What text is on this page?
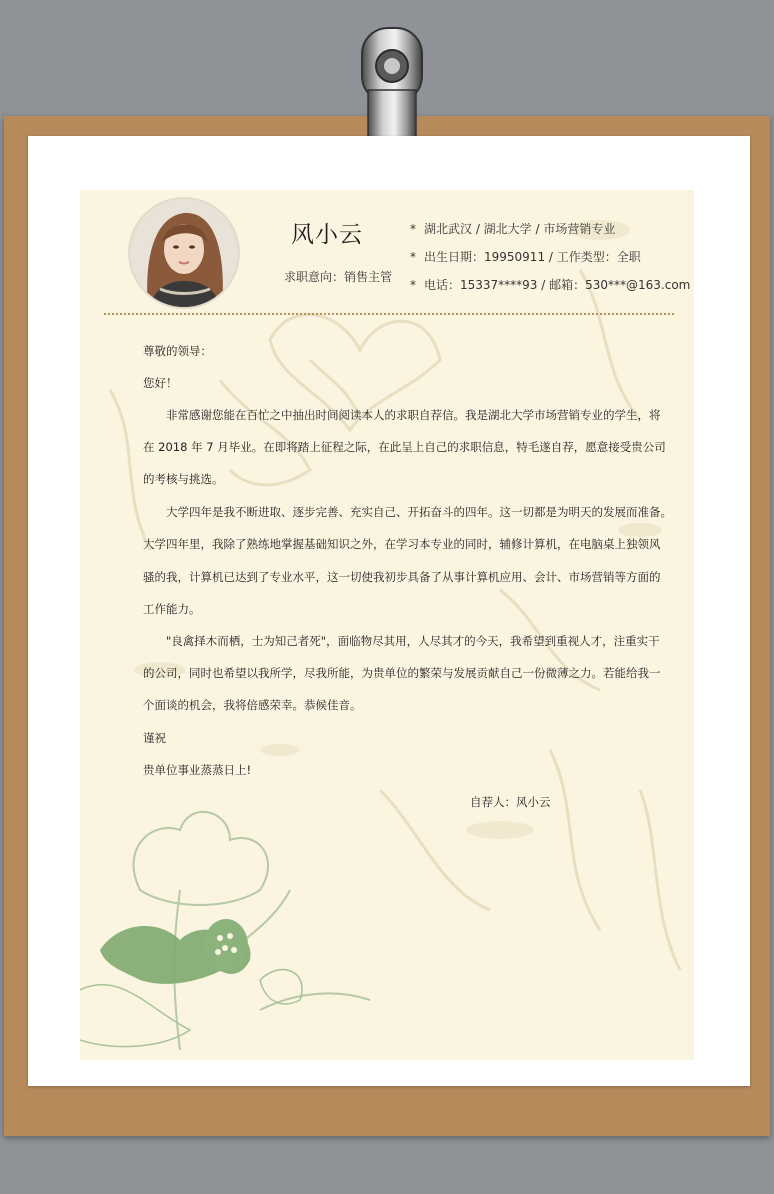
风小云
求职意向：销售主管
* 湖北武汉 / 湖北大学 / 市场营销专业
* 出生日期：19950911 / 工作类型：全职
* 电话：15337****93 / 邮箱：530***@163.com
尊敬的领导：
您好！
　　非常感谢您能在百忙之中抽出时间阅读本人的求职自荐信。我是湖北大学市场营销专业的学生，将
在 2018 年 7 月毕业。在即将踏上征程之际，在此呈上自己的求职信息，特毛遂自荐，愿意接受贵公司
的考核与挑选。
　　大学四年是我不断进取、逐步完善、充实自己、开拓奋斗的四年。这一切都是为明天的发展而准备。
大学四年里，我除了熟练地掌握基础知识之外，在学习本专业的同时，辅修计算机，在电脑桌上独领风
骚的我，计算机已达到了专业水平，这一切使我初步具备了从事计算机应用、会计、市场营销等方面的
工作能力。
　　"良禽择木而栖，士为知己者死"，面临物尽其用，人尽其才的今天，我希望到重视人才，注重实干
的公司，同时也希望以我所学，尽我所能，为贵单位的繁荣与发展贡献自己一份微薄之力。若能给我一
个面谈的机会，我将倍感荣幸。恭候佳音。
谨祝
贵单位事业蒸蒸日上!
自荐人：风小云
